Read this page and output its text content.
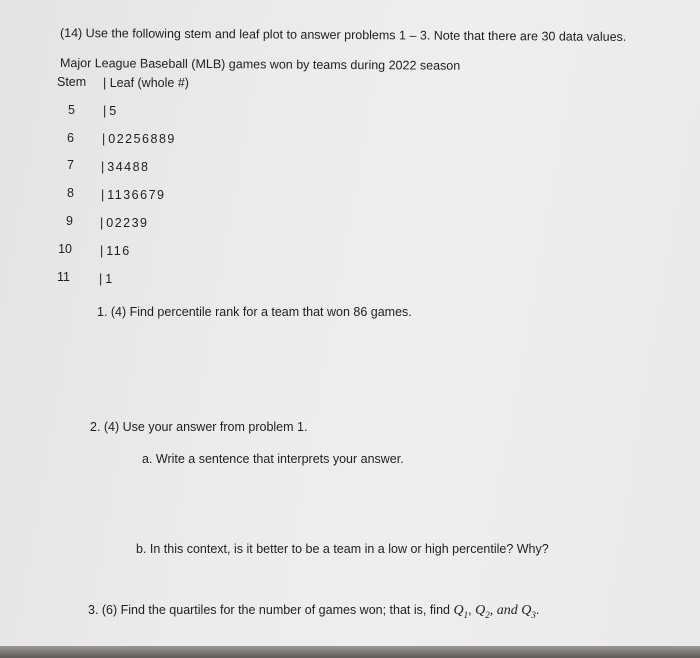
(14) Use the following stem and leaf plot to answer problems 1 – 3. Note that there are 30 data values.
Major League Baseball (MLB) games won by teams during 2022 season
Stem | Leaf (whole #)
5 | 5
6 | 02256889
7 | 34488
8 | 1136679
9 | 02239
10 | 116
11 | 1
1. (4) Find percentile rank for a team that won 86 games.
2. (4) Use your answer from problem 1.
a. Write a sentence that interprets your answer.
b. In this context, is it better to be a team in a low or high percentile? Why?
3. (6) Find the quartiles for the number of games won; that is, find $Q_1$, $Q_2$, and $Q_3$.
